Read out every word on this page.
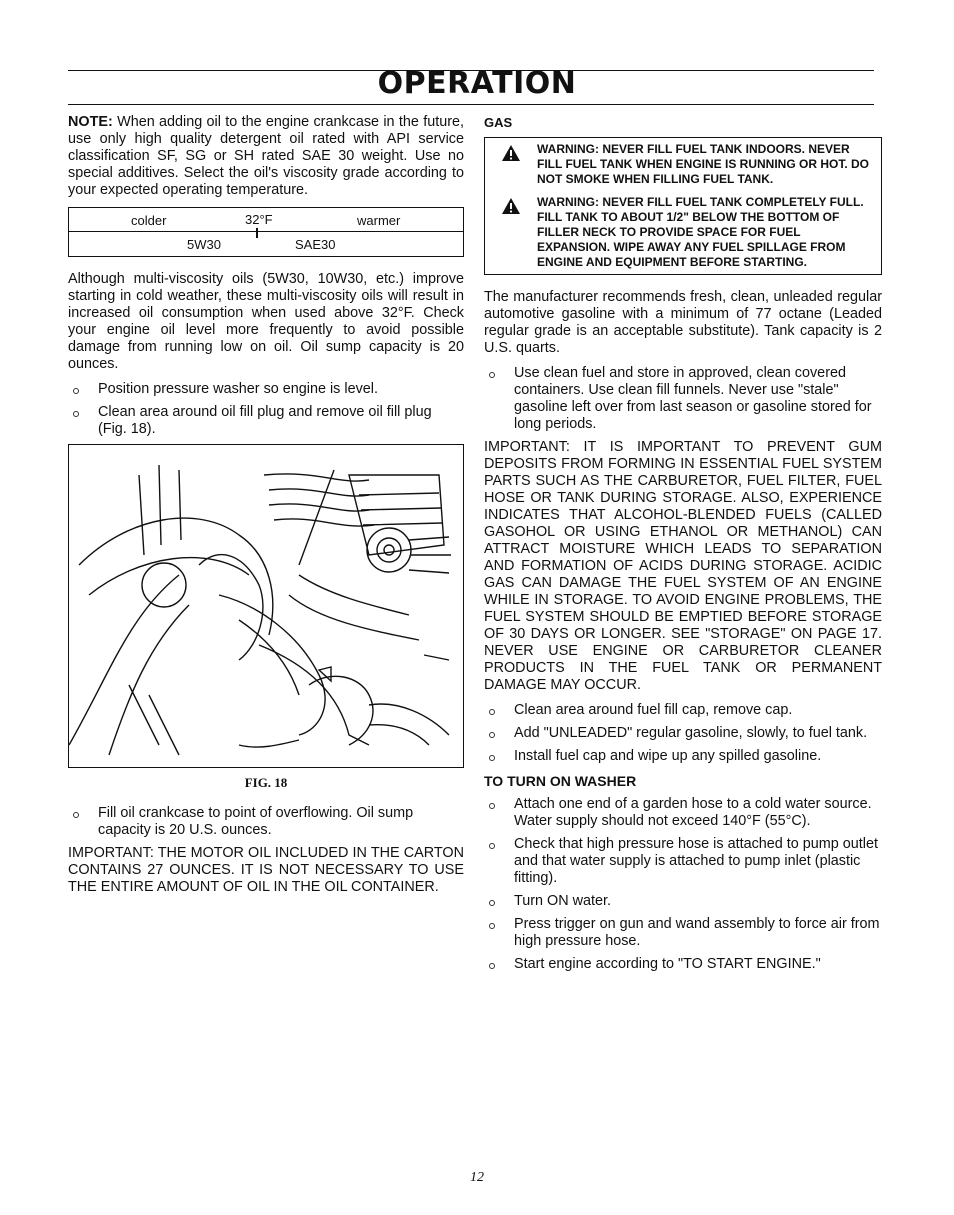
OPERATION

NOTE: When adding oil to the engine crankcase in the future, use only high quality detergent oil rated with API service classification SF, SG or SH rated SAE 30 weight. Use no special additives. Select the oil's viscosity grade according to your expected operating temperature.

colder	32°F	warmer
5W30	SAE30

Although multi-viscosity oils (5W30, 10W30, etc.) improve starting in cold weather, these multi-viscosity oils will result in increased oil consumption when used above 32°F. Check your engine oil level more frequently to avoid possible damage from running low on oil. Oil sump capacity is 20 ounces.

Position pressure washer so engine is level.
Clean area around oil fill plug and remove oil fill plug (Fig. 18).
FIG. 18
Fill oil crankcase to point of overflowing. Oil sump capacity is 20 U.S. ounces.

IMPORTANT: THE MOTOR OIL INCLUDED IN THE CARTON CONTAINS 27 OUNCES. IT IS NOT NECESSARY TO USE THE ENTIRE AMOUNT OF OIL IN THE OIL CONTAINER.

GAS
WARNING: NEVER FILL FUEL TANK INDOORS. NEVER FILL FUEL TANK WHEN ENGINE IS RUNNING OR HOT. DO NOT SMOKE WHEN FILLING FUEL TANK.
WARNING: NEVER FILL FUEL TANK COMPLETELY FULL. FILL TANK TO ABOUT 1/2" BELOW THE BOTTOM OF FILLER NECK TO PROVIDE SPACE FOR FUEL EXPANSION. WIPE AWAY ANY FUEL SPILLAGE FROM ENGINE AND EQUIPMENT BEFORE STARTING.

The manufacturer recommends fresh, clean, unleaded regular automotive gasoline with a minimum of 77 octane (Leaded regular grade is an acceptable substitute). Tank capacity is 2 U.S. quarts.

Use clean fuel and store in approved, clean covered containers. Use clean fill funnels. Never use "stale" gasoline left over from last season or gasoline stored for long periods.

IMPORTANT: IT IS IMPORTANT TO PREVENT GUM DEPOSITS FROM FORMING IN ESSENTIAL FUEL SYSTEM PARTS SUCH AS THE CARBURETOR, FUEL FILTER, FUEL HOSE OR TANK DURING STORAGE. ALSO, EXPERIENCE INDICATES THAT ALCOHOL-BLENDED FUELS (CALLED GASOHOL OR USING ETHANOL OR METHANOL) CAN ATTRACT MOISTURE WHICH LEADS TO SEPARATION AND FORMATION OF ACIDS DURING STORAGE. ACIDIC GAS CAN DAMAGE THE FUEL SYSTEM OF AN ENGINE WHILE IN STORAGE. TO AVOID ENGINE PROBLEMS, THE FUEL SYSTEM SHOULD BE EMPTIED BEFORE STORAGE OF 30 DAYS OR LONGER. SEE "STORAGE" ON PAGE 17. NEVER USE ENGINE OR CARBURETOR CLEANER PRODUCTS IN THE FUEL TANK OR PERMANENT DAMAGE MAY OCCUR.

Clean area around fuel fill cap, remove cap.
Add "UNLEADED" regular gasoline, slowly, to fuel tank.
Install fuel cap and wipe up any spilled gasoline.
TO TURN ON WASHER
Attach one end of a garden hose to a cold water source. Water supply should not exceed 140°F (55°C).
Check that high pressure hose is attached to pump outlet and that water supply is attached to pump inlet (plastic fitting).
Turn ON water.
Press trigger on gun and wand assembly to force air from high pressure hose.
Start engine according to "TO START ENGINE."
12
